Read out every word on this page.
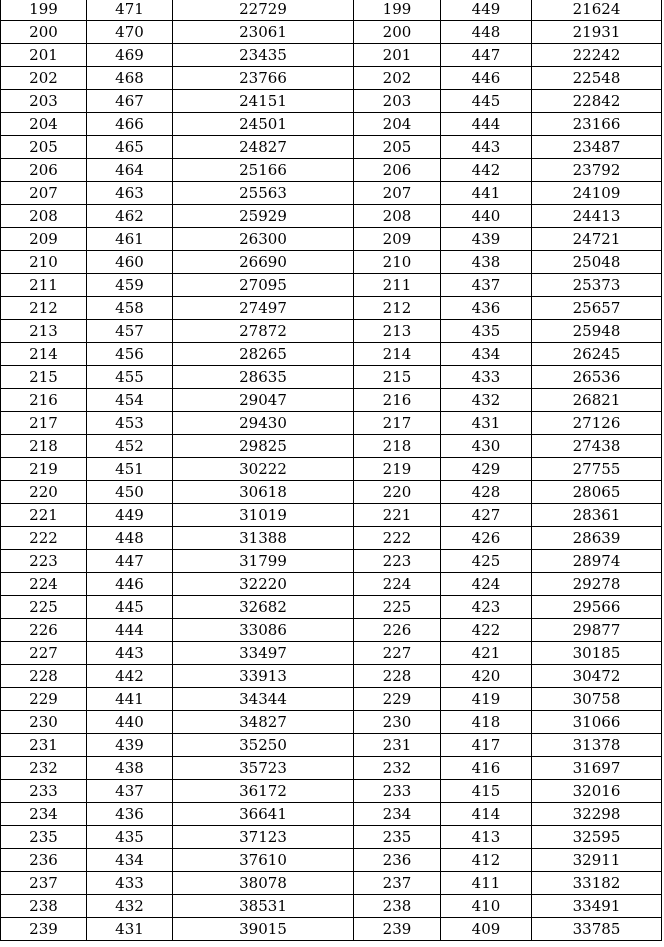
199	471	22729	199	449	21624
200	470	23061	200	448	21931
201	469	23435	201	447	22242
202	468	23766	202	446	22548
203	467	24151	203	445	22842
204	466	24501	204	444	23166
205	465	24827	205	443	23487
206	464	25166	206	442	23792
207	463	25563	207	441	24109
208	462	25929	208	440	24413
209	461	26300	209	439	24721
210	460	26690	210	438	25048
211	459	27095	211	437	25373
212	458	27497	212	436	25657
213	457	27872	213	435	25948
214	456	28265	214	434	26245
215	455	28635	215	433	26536
216	454	29047	216	432	26821
217	453	29430	217	431	27126
218	452	29825	218	430	27438
219	451	30222	219	429	27755
220	450	30618	220	428	28065
221	449	31019	221	427	28361
222	448	31388	222	426	28639
223	447	31799	223	425	28974
224	446	32220	224	424	29278
225	445	32682	225	423	29566
226	444	33086	226	422	29877
227	443	33497	227	421	30185
228	442	33913	228	420	30472
229	441	34344	229	419	30758
230	440	34827	230	418	31066
231	439	35250	231	417	31378
232	438	35723	232	416	31697
233	437	36172	233	415	32016
234	436	36641	234	414	32298
235	435	37123	235	413	32595
236	434	37610	236	412	32911
237	433	38078	237	411	33182
238	432	38531	238	410	33491
239	431	39015	239	409	33785
